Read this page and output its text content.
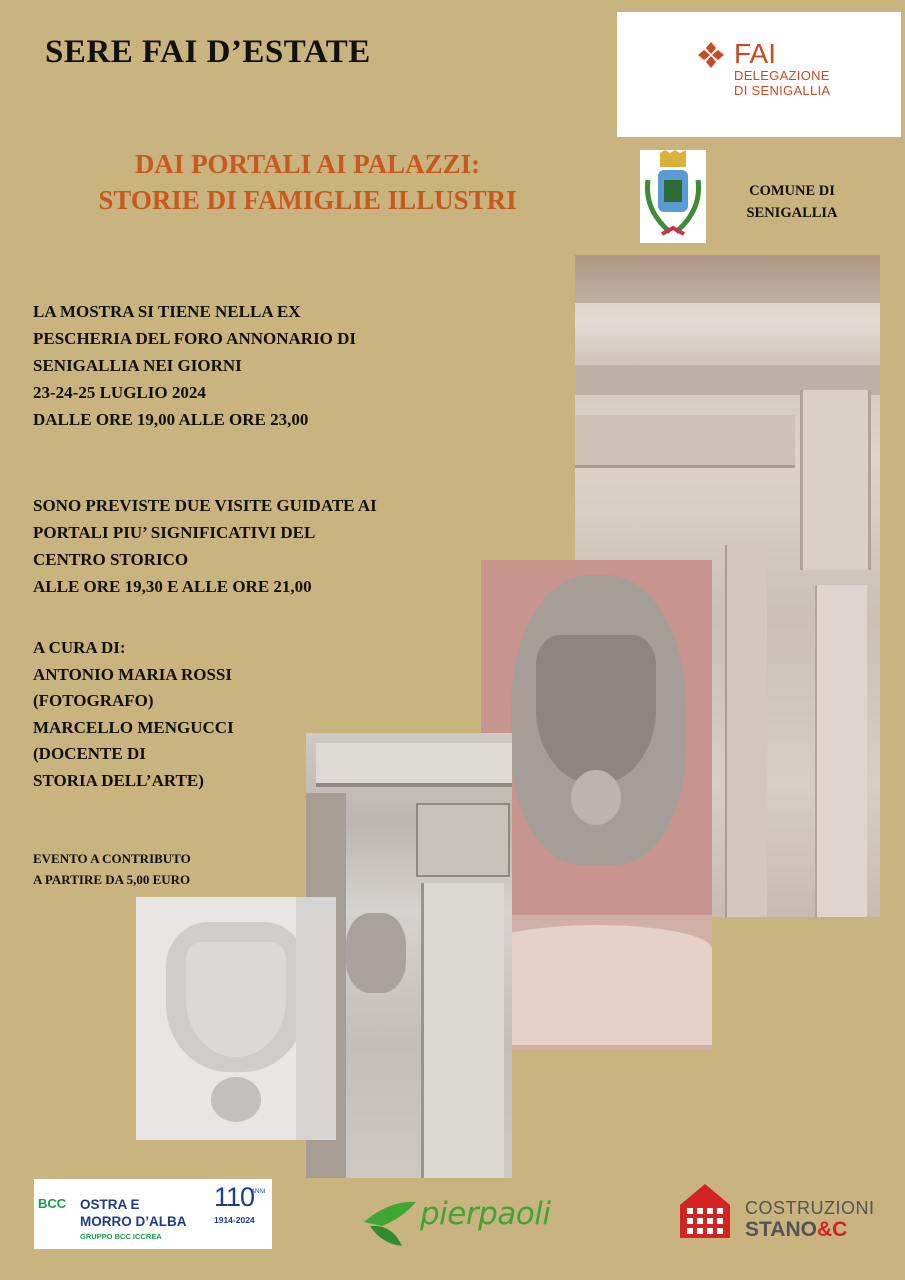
SERE FAI D’ESTATE
DAI PORTALI AI PALAZZI:
STORIE DI FAMIGLIE ILLUSTRI
FAI
DELEGAZIONE
DI SENIGALLIA
COMUNE DI
SENIGALLIA
LA MOSTRA SI TIENE NELLA EX
PESCHERIA DEL FORO ANNONARIO DI
SENIGALLIA NEI GIORNI
23-24-25 LUGLIO 2024
DALLE ORE 19,00 ALLE ORE 23,00
SONO PREVISTE DUE VISITE GUIDATE AI
PORTALI PIU’ SIGNIFICATIVI DEL
CENTRO STORICO
ALLE ORE 19,30 E ALLE ORE 21,00
A CURA DI:
ANTONIO MARIA ROSSI
(FOTOGRAFO)
MARCELLO MENGUCCI
(DOCENTE DI
STORIA DELL’ARTE)
EVENTO A CONTRIBUTO
A PARTIRE DA 5,00 EURO
BCC OSTRA E
MORRO D’ALBA
GRUPPO BCC ICCREA
110
ANNI
1914-2024	pierpaoli	COSTRUZIONI
STANO&C
